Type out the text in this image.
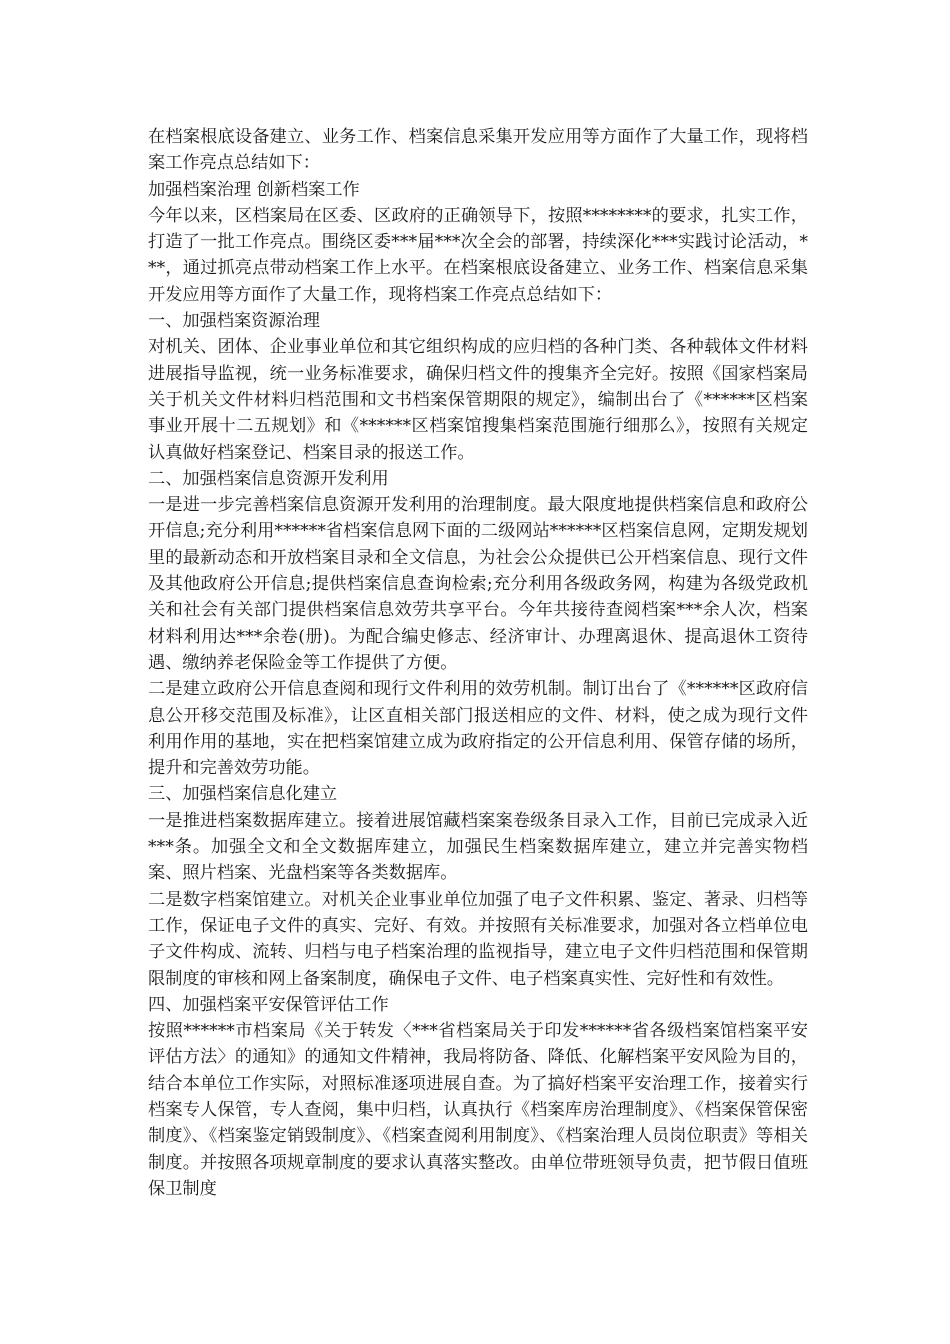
在档案根底设备建立、业务工作、档案信息采集开发应用等方面作了大量工作，现将档案工作亮点总结如下：

加强档案治理 创新档案工作

今年以来，区档案局在区委、区政府的正确领导下，按照********的要求，扎实工作，打造了一批工作亮点。围绕区委***届***次全会的部署，持续深化***实践讨论活动，***，通过抓亮点带动档案工作上水平。在档案根底设备建立、业务工作、档案信息采集开发应用等方面作了大量工作，现将档案工作亮点总结如下：

一、加强档案资源治理

对机关、团体、企业事业单位和其它组织构成的应归档的各种门类、各种载体文件材料进展指导监视，统一业务标准要求，确保归档文件的搜集齐全完好。按照《国家档案局关于机关文件材料归档范围和文书档案保管期限的规定》，编制出台了《******区档案事业开展十二五规划》和《******区档案馆搜集档案范围施行细那么》，按照有关规定认真做好档案登记、档案目录的报送工作。

二、加强档案信息资源开发利用

一是进一步完善档案信息资源开发利用的治理制度。最大限度地提供档案信息和政府公开信息;充分利用******省档案信息网下面的二级网站******区档案信息网，定期发规划里的最新动态和开放档案目录和全文信息，为社会公众提供已公开档案信息、现行文件及其他政府公开信息;提供档案信息查询检索;充分利用各级政务网，构建为各级党政机关和社会有关部门提供档案信息效劳共享平台。今年共接待查阅档案***余人次，档案材料利用达***余卷(册)。为配合编史修志、经济审计、办理离退休、提高退休工资待遇、缴纳养老保险金等工作提供了方便。

二是建立政府公开信息查阅和现行文件利用的效劳机制。制订出台了《******区政府信息公开移交范围及标准》，让区直相关部门报送相应的文件、材料，使之成为现行文件利用作用的基地，实在把档案馆建立成为政府指定的公开信息利用、保管存储的场所，提升和完善效劳功能。

三、加强档案信息化建立

一是推进档案数据库建立。接着进展馆藏档案案卷级条目录入工作，目前已完成录入近***条。加强全文和全文数据库建立，加强民生档案数据库建立，建立并完善实物档案、照片档案、光盘档案等各类数据库。

二是数字档案馆建立。对机关企业事业单位加强了电子文件积累、鉴定、著录、归档等工作，保证电子文件的真实、完好、有效。并按照有关标准要求，加强对各立档单位电子文件构成、流转、归档与电子档案治理的监视指导，建立电子文件归档范围和保管期限制度的审核和网上备案制度，确保电子文件、电子档案真实性、完好性和有效性。

四、加强档案平安保管评估工作

按照******市档案局《关于转发〈***省档案局关于印发******省各级档案馆档案平安评估方法〉的通知》的通知文件精神，我局将防备、降低、化解档案平安风险为目的，结合本单位工作实际，对照标准逐项进展自查。为了搞好档案平安治理工作，接着实行档案专人保管，专人查阅，集中归档，认真执行《档案库房治理制度》、《档案保管保密制度》、《档案鉴定销毁制度》、《档案查阅利用制度》、《档案治理人员岗位职责》等相关制度。并按照各项规章制度的要求认真落实整改。由单位带班领导负责，把节假日值班保卫制度
